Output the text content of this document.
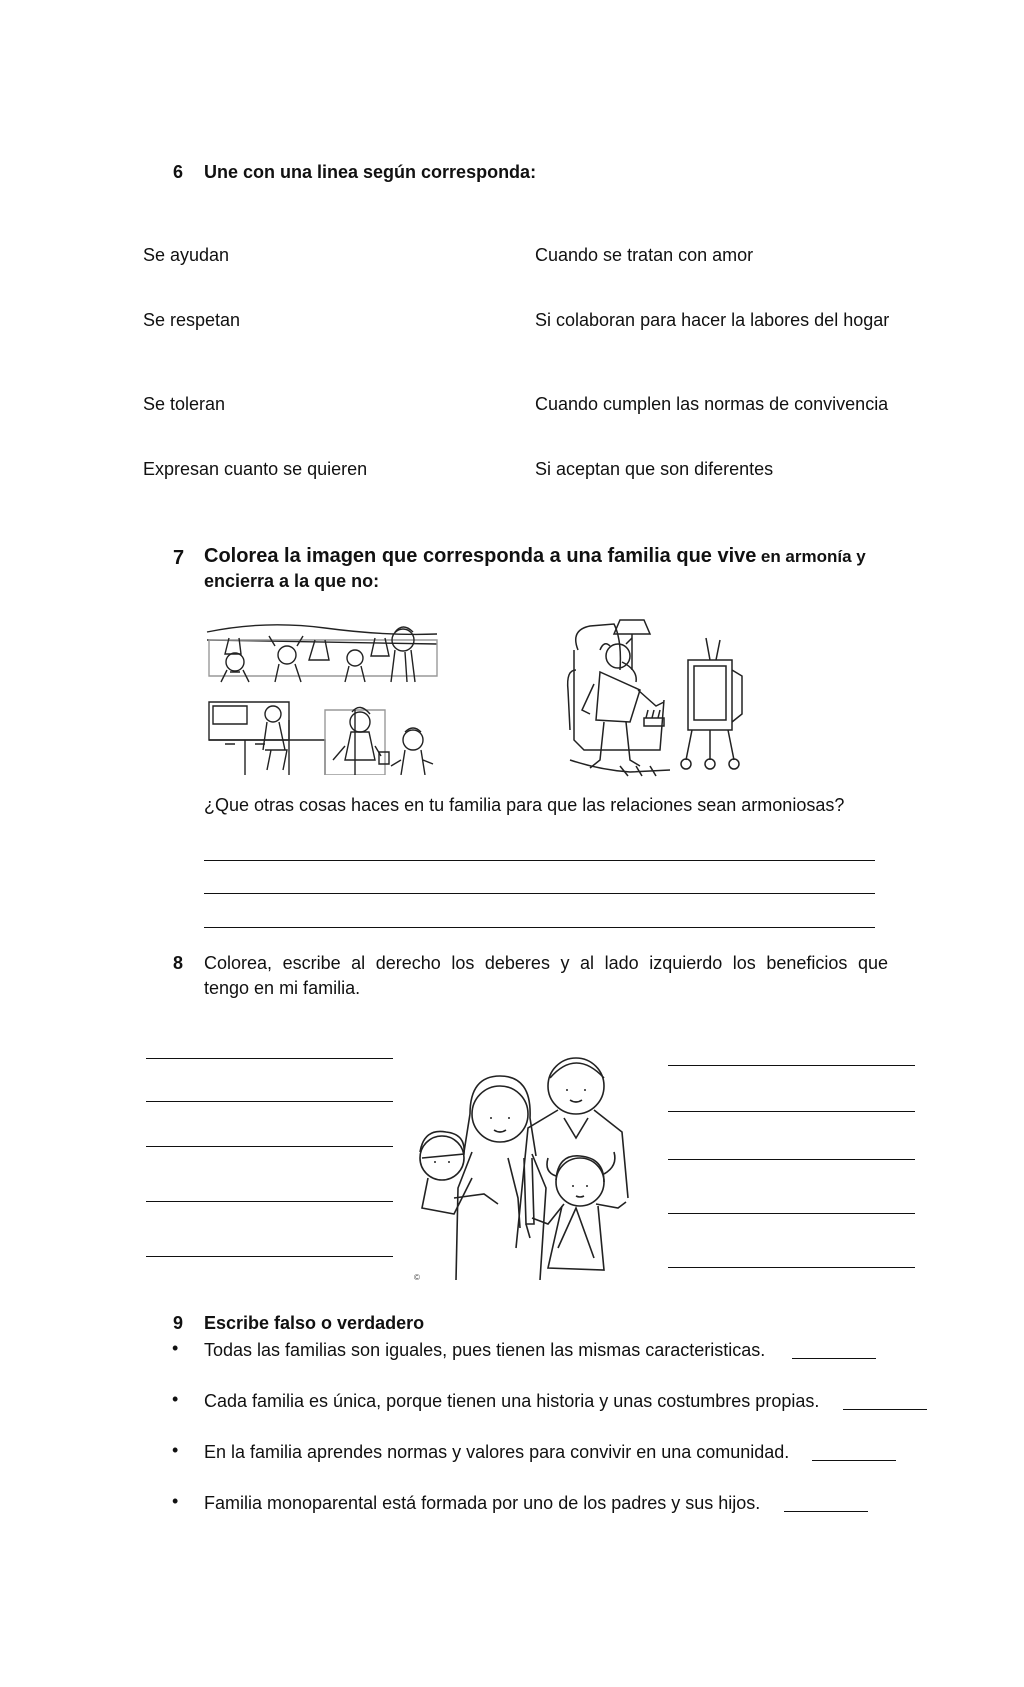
6 Une con una linea según corresponda:
Se ayudan
Se respetan
Se toleran
Expresan cuanto se quieren
Cuando se tratan con amor
Si colaboran para hacer la labores del hogar
Cuando cumplen las normas de convivencia
Si aceptan que son diferentes
7 Colorea la imagen que corresponda a una familia que vive en armonía y
encierra a la que no:
¿Que otras cosas haces en tu familia para que las relaciones sean armoniosas?
8 Colorea, escribe al derecho los deberes y al lado izquierdo los beneficios que
tengo en mi familia.
©
9 Escribe falso o verdadero
• Todas las familias son iguales, pues tienen las mismas caracteristicas.
• Cada familia es única, porque tienen una historia y unas costumbres propias.
• En la familia aprendes normas y valores para convivir en una comunidad.
• Familia monoparental está formada por uno de los padres y sus hijos.
